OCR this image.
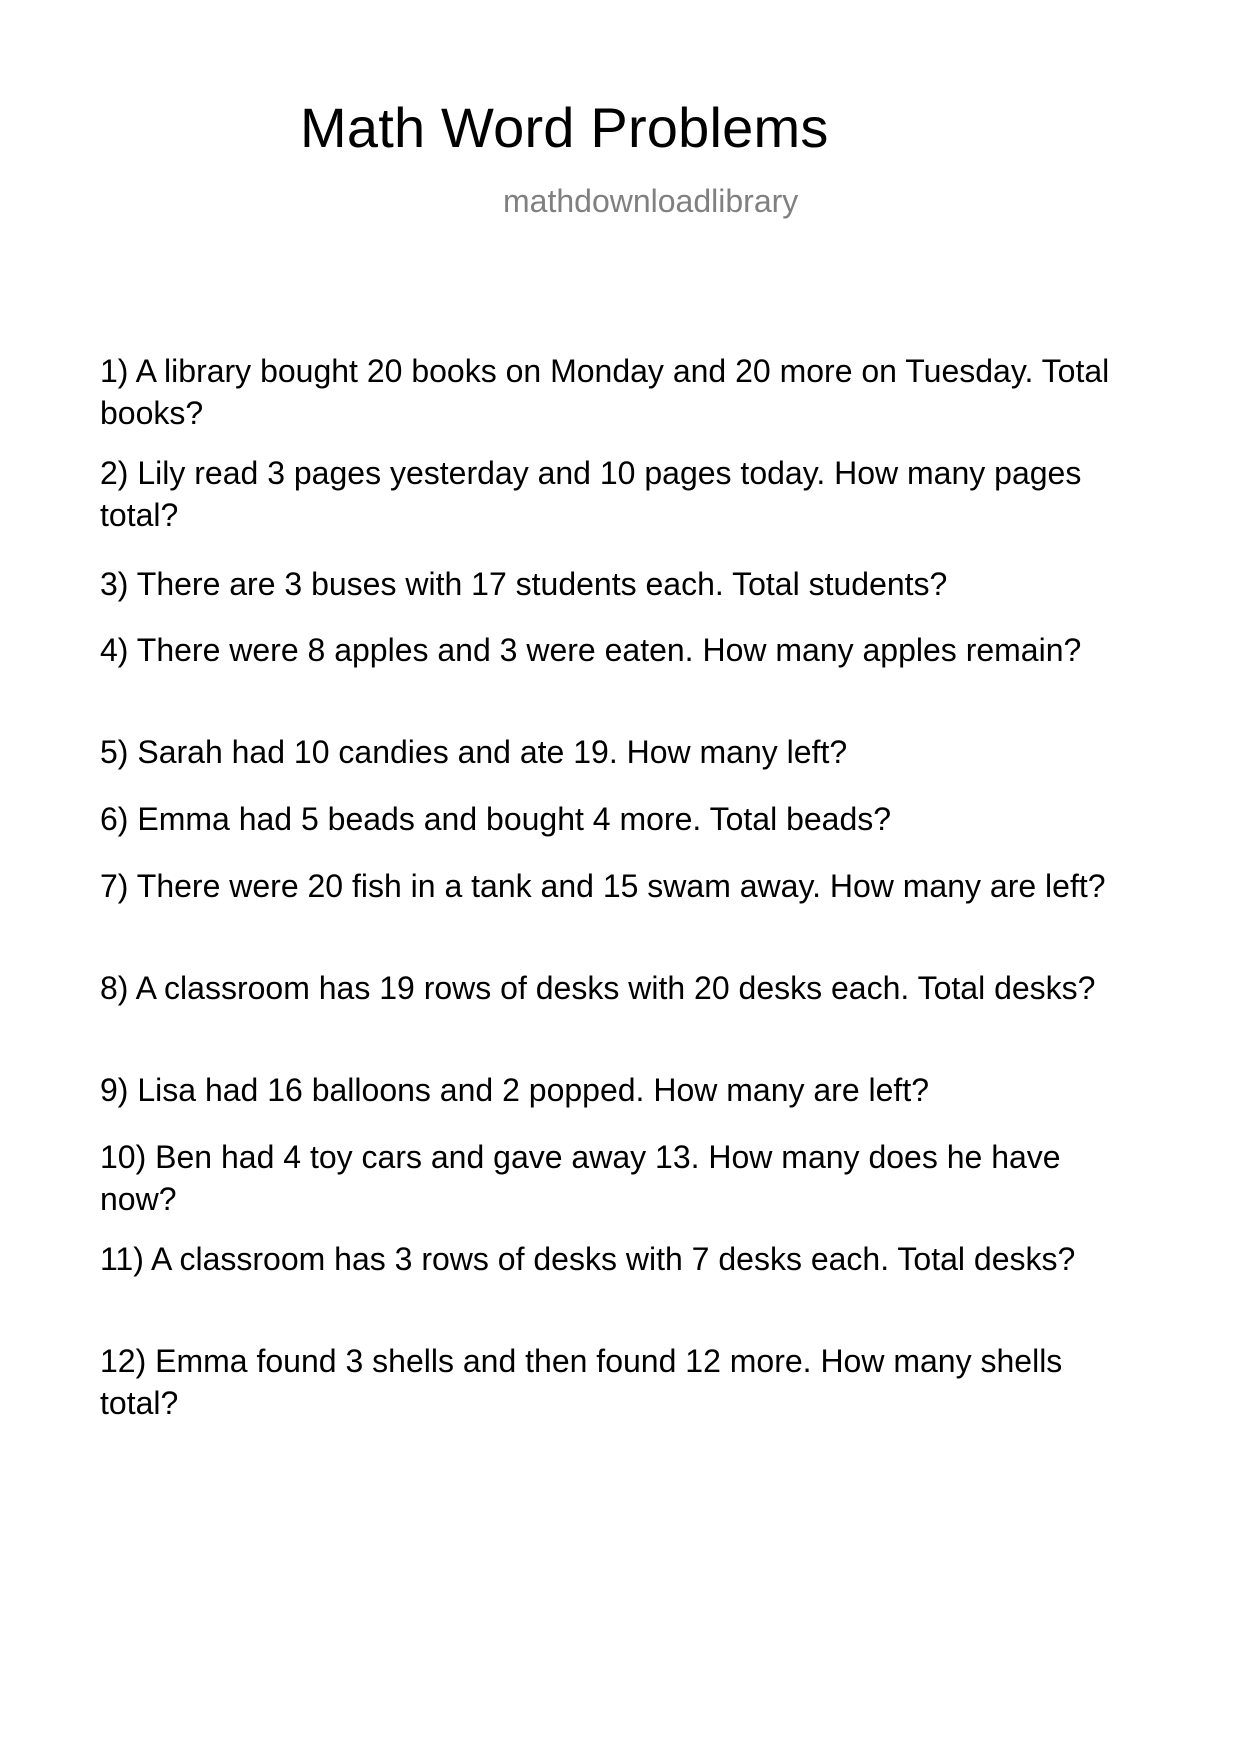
Math Word Problems
mathdownloadlibrary

1) A library bought 20 books on Monday and 20 more on Tuesday. Total books?

2) Lily read 3 pages yesterday and 10 pages today. How many pages total?

3) There are 3 buses with 17 students each. Total students?

4) There were 8 apples and 3 were eaten. How many apples remain?

5) Sarah had 10 candies and ate 19. How many left?

6) Emma had 5 beads and bought 4 more. Total beads?

7) There were 20 fish in a tank and 15 swam away. How many are left?

8) A classroom has 19 rows of desks with 20 desks each. Total desks?

9) Lisa had 16 balloons and 2 popped. How many are left?

10) Ben had 4 toy cars and gave away 13. How many does he have now?

11) A classroom has 3 rows of desks with 7 desks each. Total desks?

12) Emma found 3 shells and then found 12 more. How many shells total?
